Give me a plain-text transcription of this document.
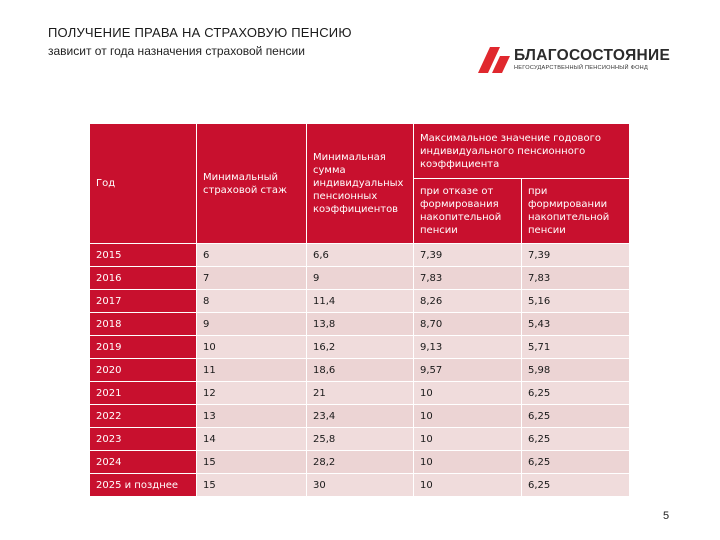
ПОЛУЧЕНИЕ ПРАВА НА СТРАХОВУЮ ПЕНСИЮ
зависит от года назначения страховой пенсии	БЛАГОСОСТОЯНИЕ
НЕГОСУДАРСТВЕННЫЙ ПЕНСИОННЫЙ ФОНД
Год	Минимальный страховой стаж	Минимальная сумма индивидуальных пенсионных коэффициентов	Максимальное значение годового индивидуального пенсионного коэффициента	
			при отказе от формирования накопительной пенсии	при формировании накопительной пенсии
2015	6	6,6	7,39	7,39
2016	7	9	7,83	7,83
2017	8	11,4	8,26	5,16
2018	9	13,8	8,70	5,43
2019	10	16,2	9,13	5,71
2020	11	18,6	9,57	5,98
2021	12	21	10	6,25
2022	13	23,4	10	6,25
2023	14	25,8	10	6,25
2024	15	28,2	10	6,25
2025 и позднее	15	30	10	6,25
5
